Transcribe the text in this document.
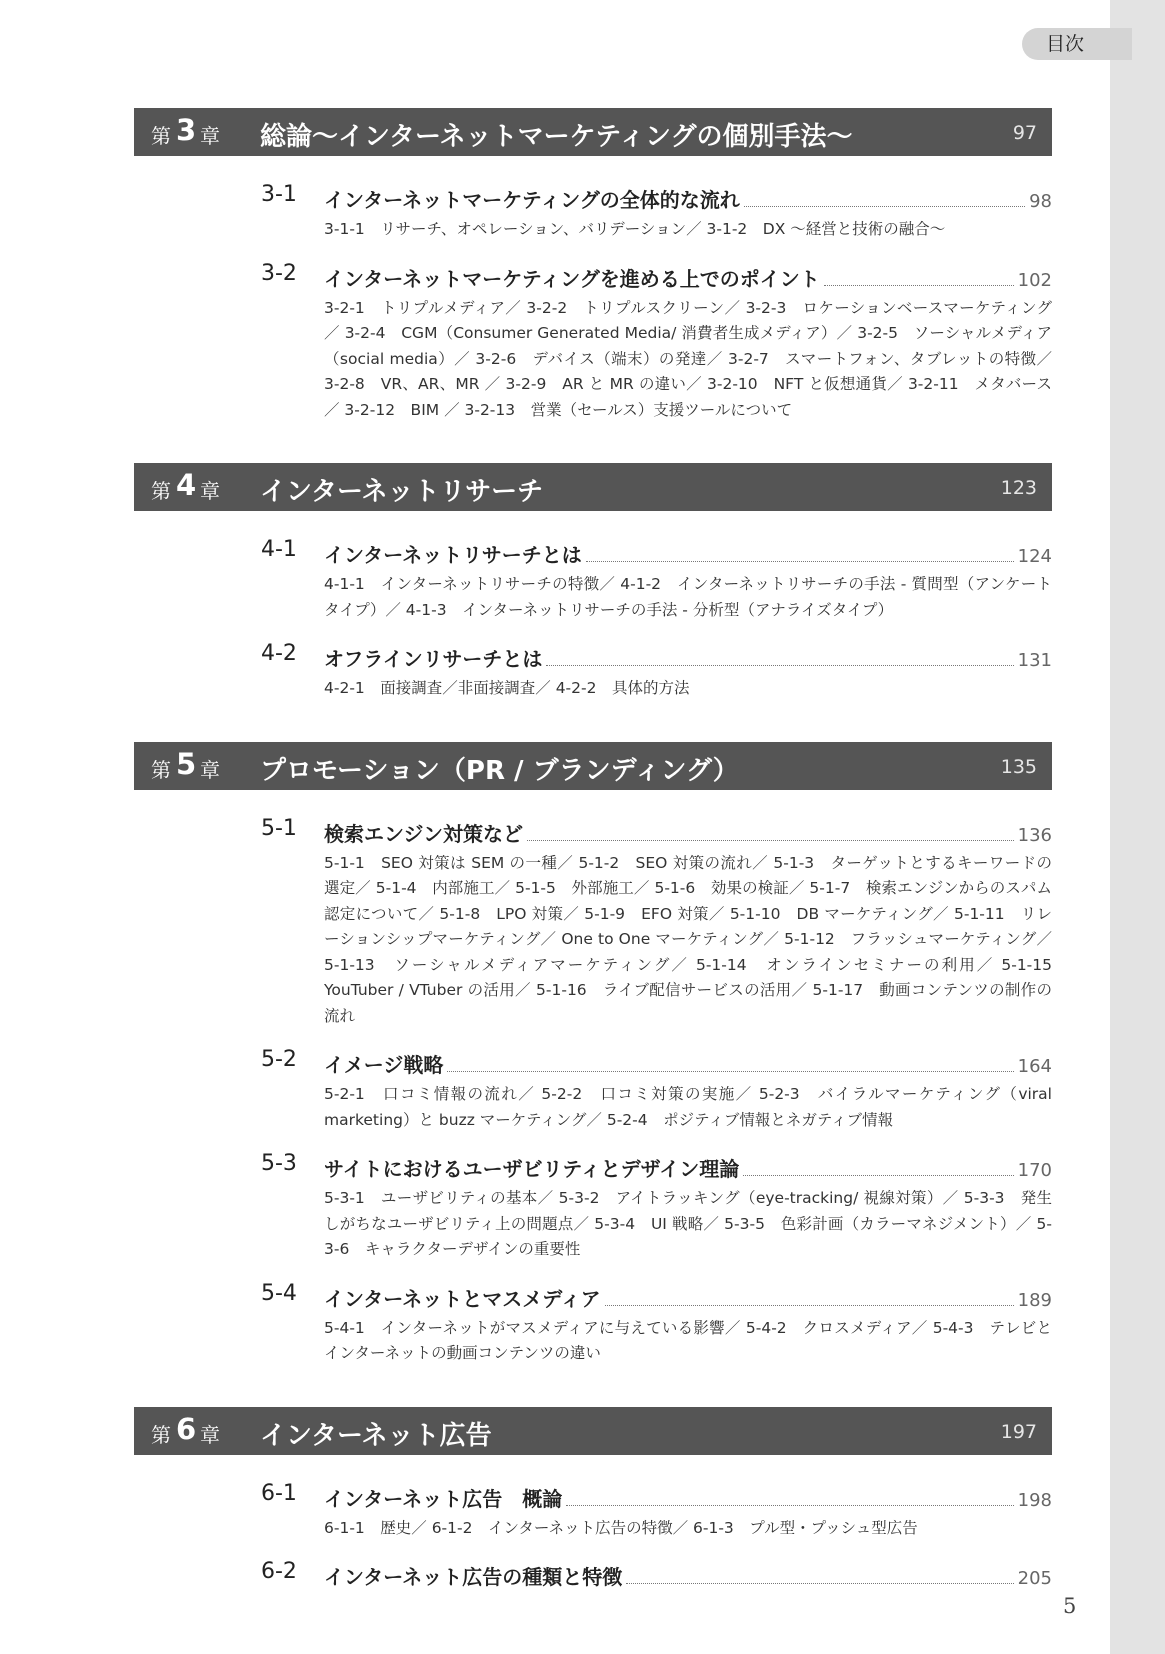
目次
第 3 章 総論〜インターネットマーケティングの個別手法〜	97
3-1 インターネットマーケティングの全体的な流れ	98
3-1-1　リサーチ、オペレーション、バリデーション／ 3-1-2　DX 〜経営と技術の融合〜
3-2 インターネットマーケティングを進める上でのポイント	102
3-2-1　トリプルメディア／ 3-2-2　トリプルスクリーン／ 3-2-3　ロケーションベースマーケティング／ 3-2-4　CGM（Consumer Generated Media/ 消費者生成メディア）／ 3-2-5　ソーシャルメディア（social media）／ 3-2-6　デバイス（端末）の発達／ 3-2-7　スマートフォン、タブレットの特徴／ 3-2-8　VR、AR、MR ／ 3-2-9　AR と MR の違い／ 3-2-10　NFT と仮想通貨／ 3-2-11　メタバース／ 3-2-12　BIM ／ 3-2-13　営業（セールス）支援ツールについて
第 4 章 インターネットリサーチ	123
4-1 インターネットリサーチとは	124
4-1-1　インターネットリサーチの特徴／ 4-1-2　インターネットリサーチの手法 - 質問型（アンケートタイプ）／ 4-1-3　インターネットリサーチの手法 - 分析型（アナライズタイプ）
4-2 オフラインリサーチとは	131
4-2-1　面接調査／非面接調査／ 4-2-2　具体的方法
第 5 章 プロモーション（PR / ブランディング）	135
5-1 検索エンジン対策など	136
5-1-1　SEO 対策は SEM の一種／ 5-1-2　SEO 対策の流れ／ 5-1-3　ターゲットとするキーワードの選定／ 5-1-4　内部施工／ 5-1-5　外部施工／ 5-1-6　効果の検証／ 5-1-7　検索エンジンからのスパム認定について／ 5-1-8　LPO 対策／ 5-1-9　EFO 対策／ 5-1-10　DB マーケティング／ 5-1-11　リレーションシップマーケティング／ One to One マーケティング／ 5-1-12　フラッシュマーケティング／ 5-1-13　ソーシャルメディアマーケティング／ 5-1-14　オンラインセミナーの利用／ 5-1-15　YouTuber / VTuber の活用／ 5-1-16　ライブ配信サービスの活用／ 5-1-17　動画コンテンツの制作の流れ
5-2 イメージ戦略	164
5-2-1　口コミ情報の流れ／ 5-2-2　口コミ対策の実施／ 5-2-3　バイラルマーケティング（viral marketing）と buzz マーケティング／ 5-2-4　ポジティブ情報とネガティブ情報
5-3 サイトにおけるユーザビリティとデザイン理論	170
5-3-1　ユーザビリティの基本／ 5-3-2　アイトラッキング（eye-tracking/ 視線対策）／ 5-3-3　発生しがちなユーザビリティ上の問題点／ 5-3-4　UI 戦略／ 5-3-5　色彩計画（カラーマネジメント）／ 5-3-6　キャラクターデザインの重要性
5-4 インターネットとマスメディア	189
5-4-1　インターネットがマスメディアに与えている影響／ 5-4-2　クロスメディア／ 5-4-3　テレビとインターネットの動画コンテンツの違い
第 6 章 インターネット広告	197
6-1 インターネット広告　概論	198
6-1-1　歴史／ 6-1-2　インターネット広告の特徴／ 6-1-3　プル型・プッシュ型広告
6-2 インターネット広告の種類と特徴	205
5
